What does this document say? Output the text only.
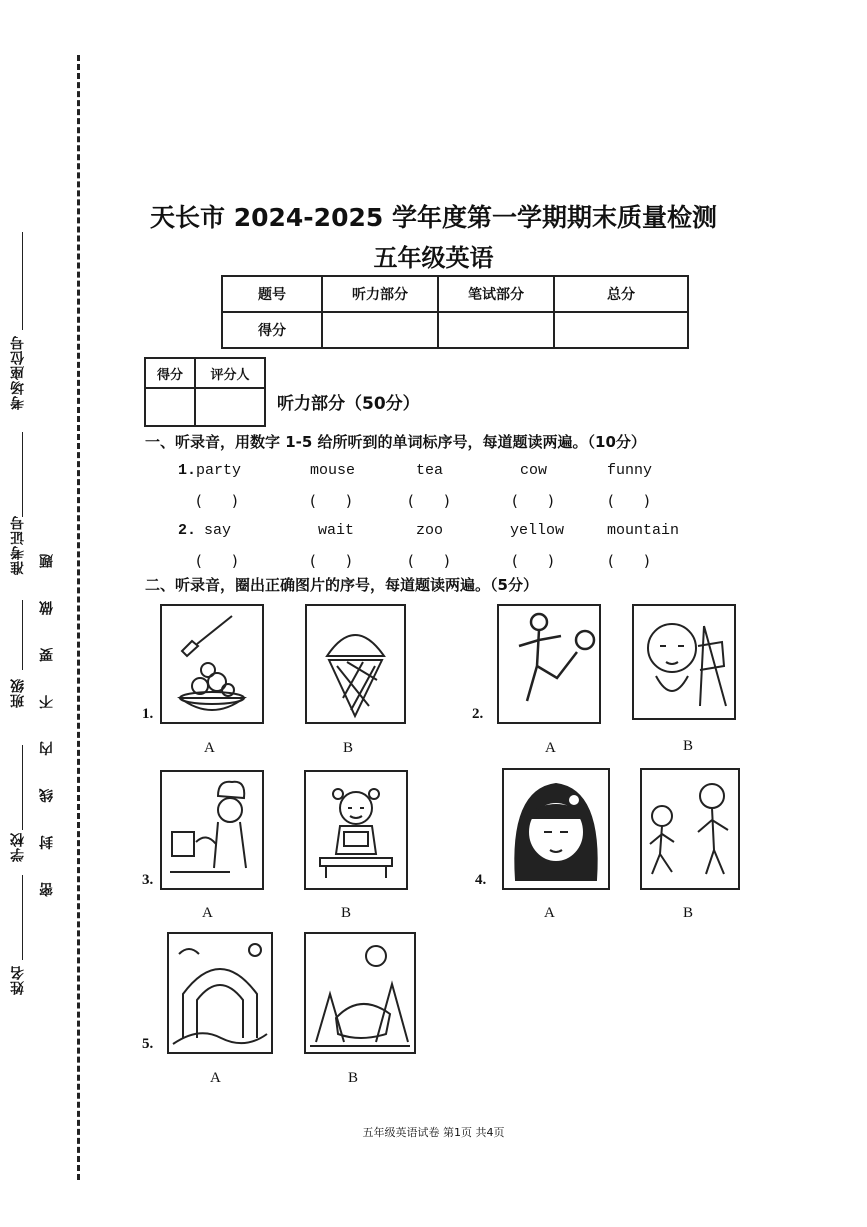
考场座位号
准考证号
班级
学校
姓名
密 封 线 内 不 要 做 题
天长市 2024-2025 学年度第一学期期末质量检测
五年级英语
题号	听力部分	笔试部分	总分
得分			
得分	评分人

听力部分（50分）
一、听录音，用数字 1-5 给所听到的单词标序号，每道题读两遍。（10分）
1. party	mouse	tea	cow	funny
(　　)	(　　)	(　　)	(　　)	(　　)
2. say	wait	zoo	yellow	mountain
(　　)	(　　)	(　　)	(　　)	(　　)
二、听录音，圈出正确图片的序号，每道题读两遍。（5分）
1.
A	B
2.
A	B
3.
A	B
4.
A	B
5.
A	B
五年级英语试卷 第1页 共4页
